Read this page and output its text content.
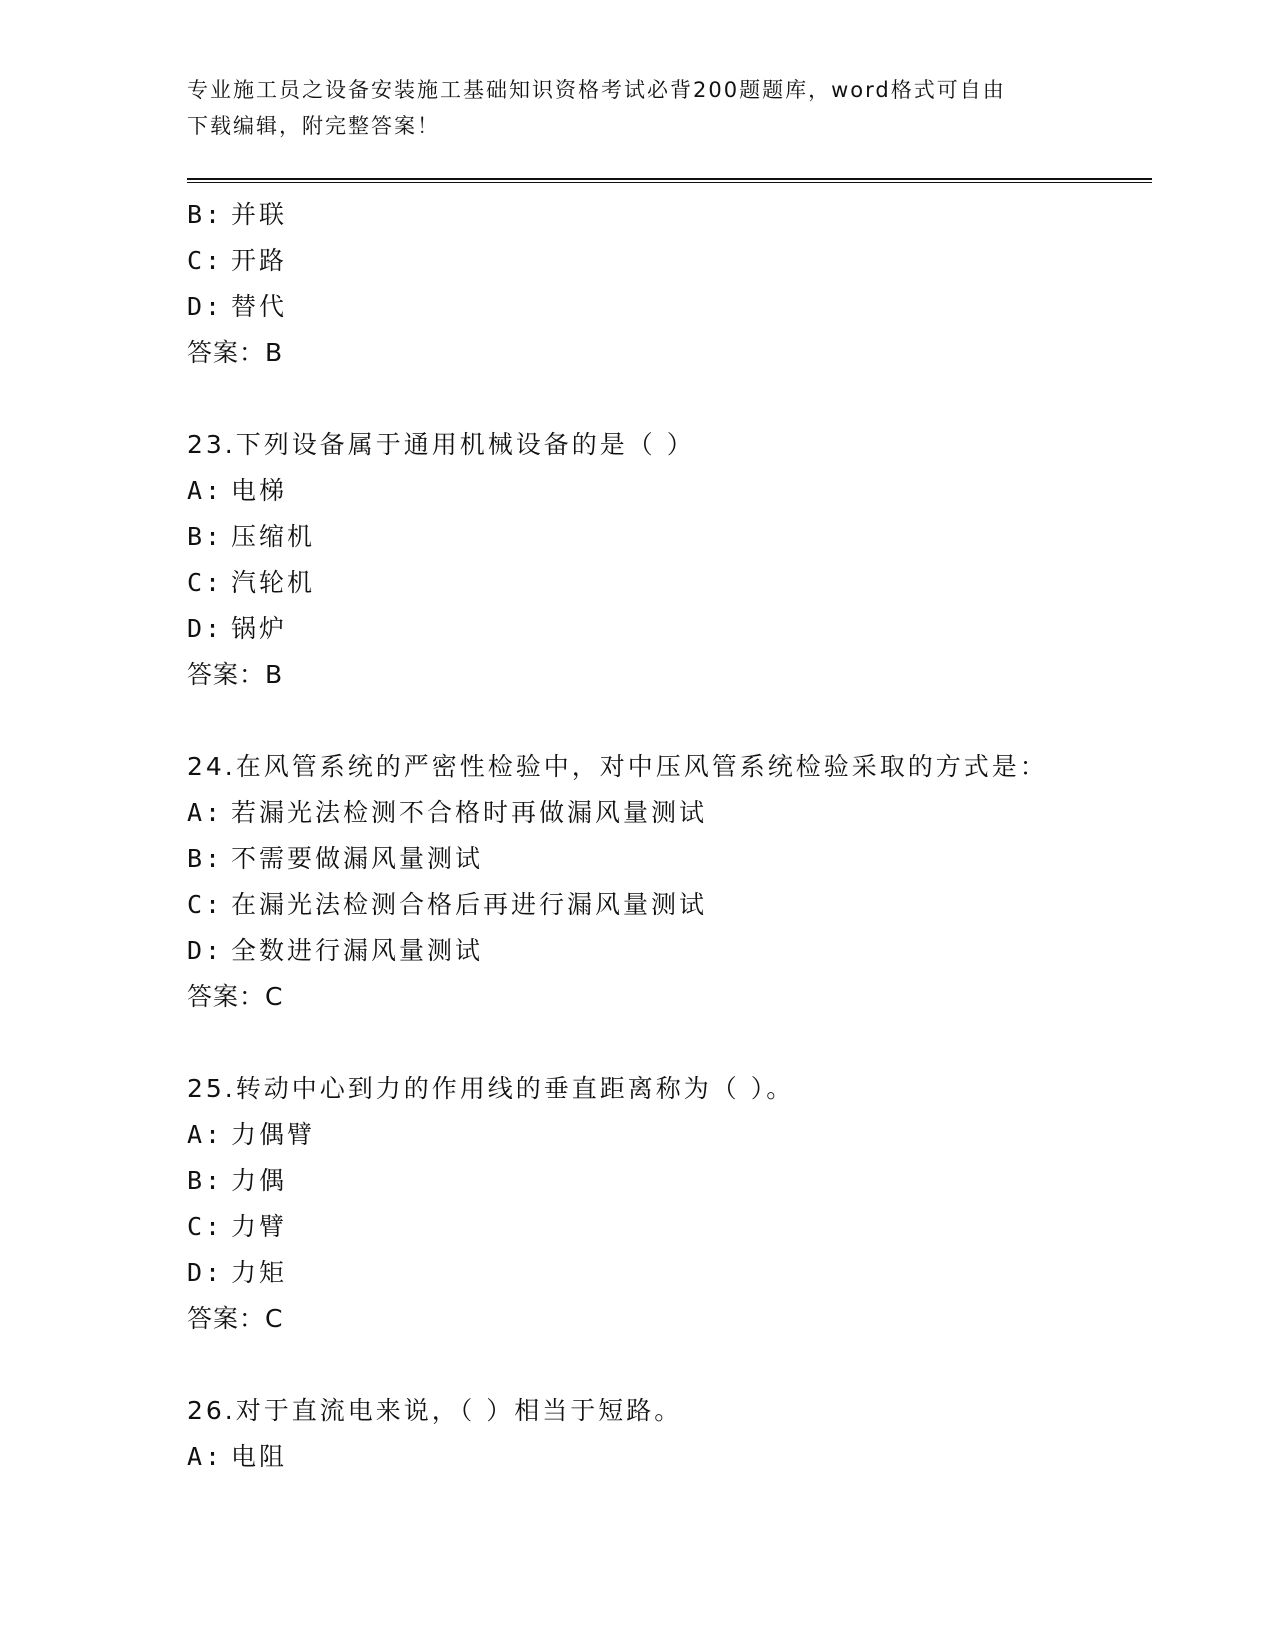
专业施工员之设备安装施工基础知识资格考试必背200题题库，word格式可自由
下载编辑，附完整答案！
B: 并联
C: 开路
D: 替代
答案：B
23.下列设备属于通用机械设备的是（ ）
A: 电梯
B: 压缩机
C: 汽轮机
D: 锅炉
答案：B
24.在风管系统的严密性检验中，对中压风管系统检验采取的方式是：
A: 若漏光法检测不合格时再做漏风量测试
B: 不需要做漏风量测试
C: 在漏光法检测合格后再进行漏风量测试
D: 全数进行漏风量测试
答案：C
25.转动中心到力的作用线的垂直距离称为（ ）。
A: 力偶臂
B: 力偶
C: 力臂
D: 力矩
答案：C
26.对于直流电来说，（ ）相当于短路。
A: 电阻
